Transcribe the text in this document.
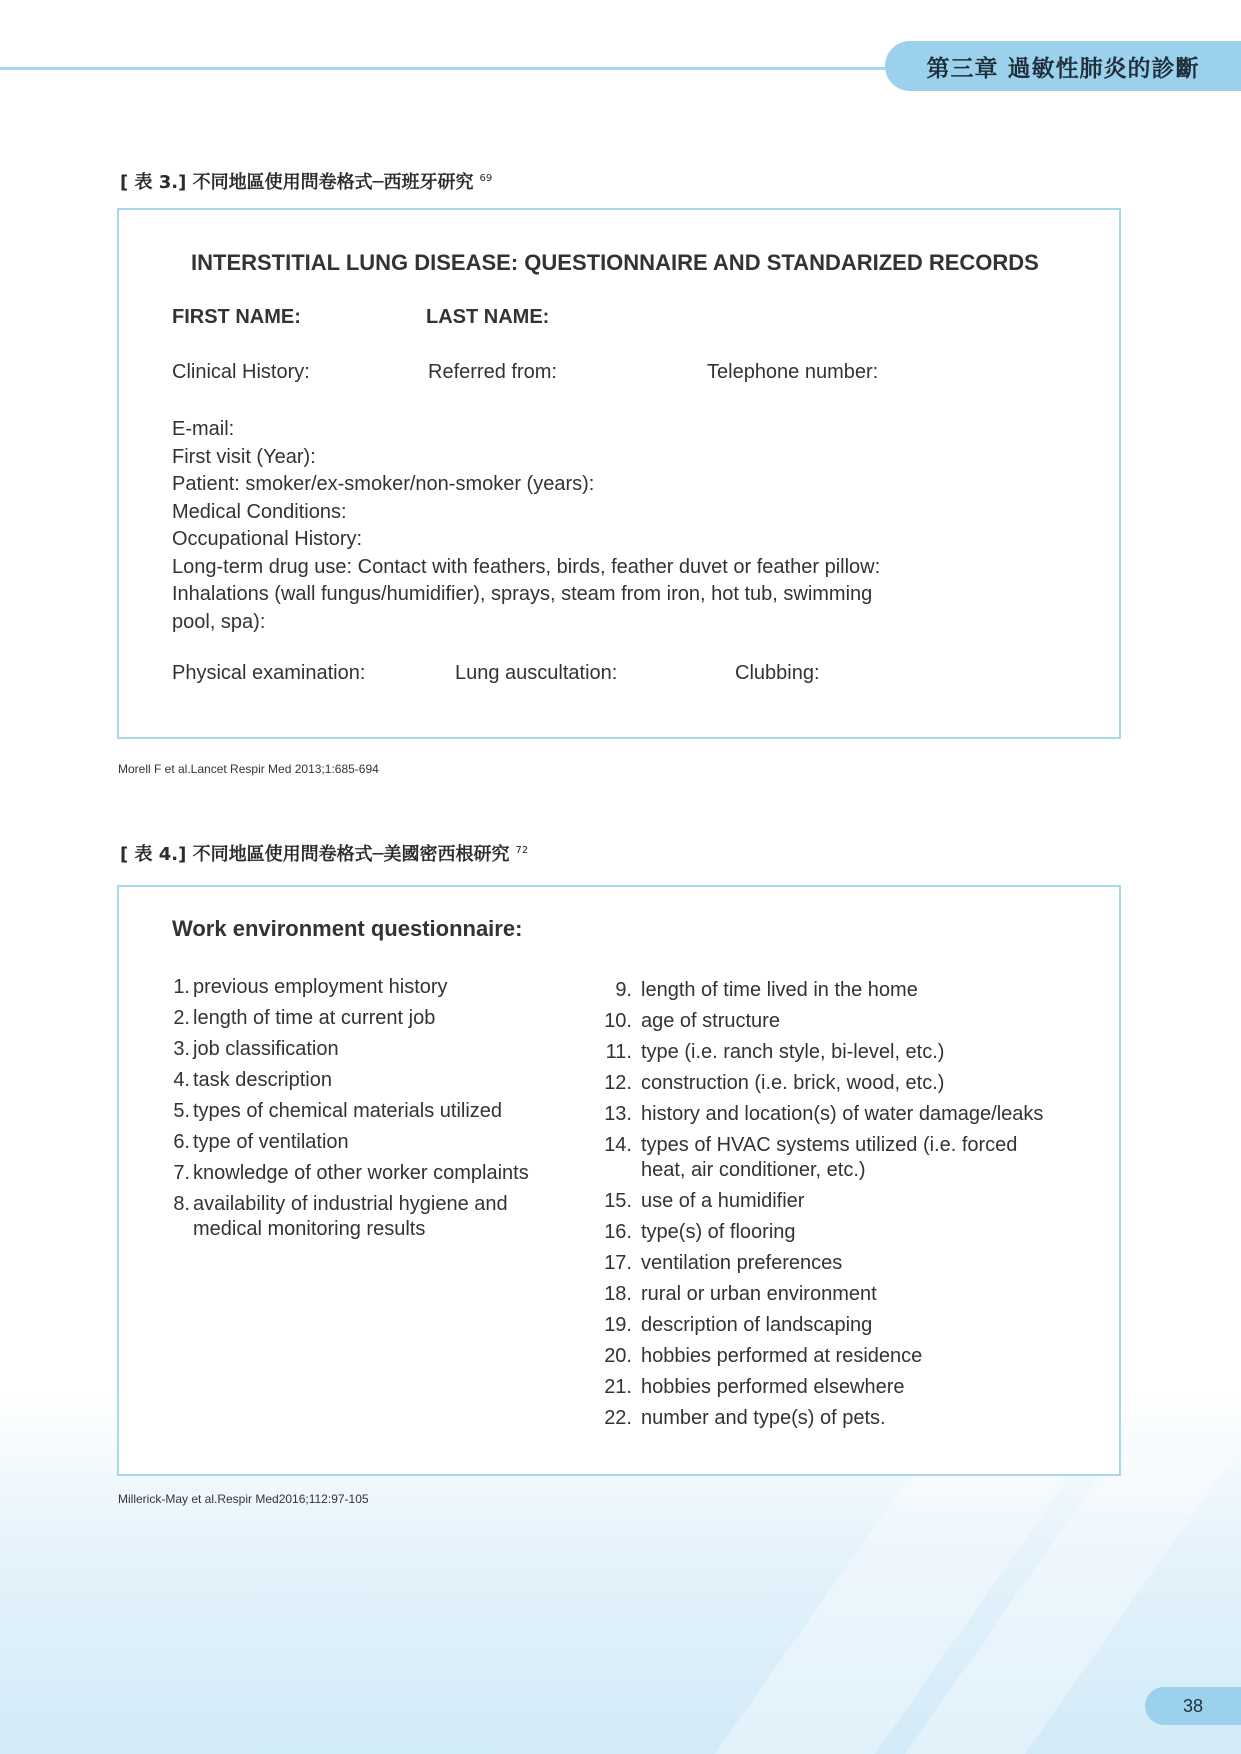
第三章 過敏性肺炎的診斷
[ 表 3.] 不同地區使用問卷格式─西班牙研究 $^{69}$
INTERSTITIAL LUNG DISEASE: QUESTIONNAIRE AND STANDARIZED RECORDS
FIRST NAME:	LAST NAME:
Clinical History:	Referred from:	Telephone number:
E-mail:
First visit (Year):
Patient: smoker/ex-smoker/non-smoker (years):
Medical Conditions:
Occupational History:
Long-term drug use: Contact with feathers, birds, feather duvet or feather pillow:
Inhalations (wall fungus/humidifier), sprays, steam from iron, hot tub, swimming
pool, spa):
Physical examination:	Lung auscultation:	Clubbing:
Morell F et al.Lancet Respir Med 2013;1:685-694
[ 表 4.] 不同地區使用問卷格式─美國密西根研究 $^{72}$
Work environment questionnaire:
1. previous employment history
2. length of time at current job
3. job classification
4. task description
5. types of chemical materials utilized
6. type of ventilation
7. knowledge of other worker complaints
8. availability of industrial hygiene and medical monitoring results
9. length of time lived in the home
10. age of structure
11. type (i.e. ranch style, bi-level, etc.)
12. construction (i.e. brick, wood, etc.)
13. history and location(s) of water damage/leaks
14. types of HVAC systems utilized (i.e. forced heat, air conditioner, etc.)
15. use of a humidifier
16. type(s) of flooring
17. ventilation preferences
18. rural or urban environment
19. description of landscaping
20. hobbies performed at residence
21. hobbies performed elsewhere
22. number and type(s) of pets.
Millerick-May et al.Respir Med2016;112:97-105
38
